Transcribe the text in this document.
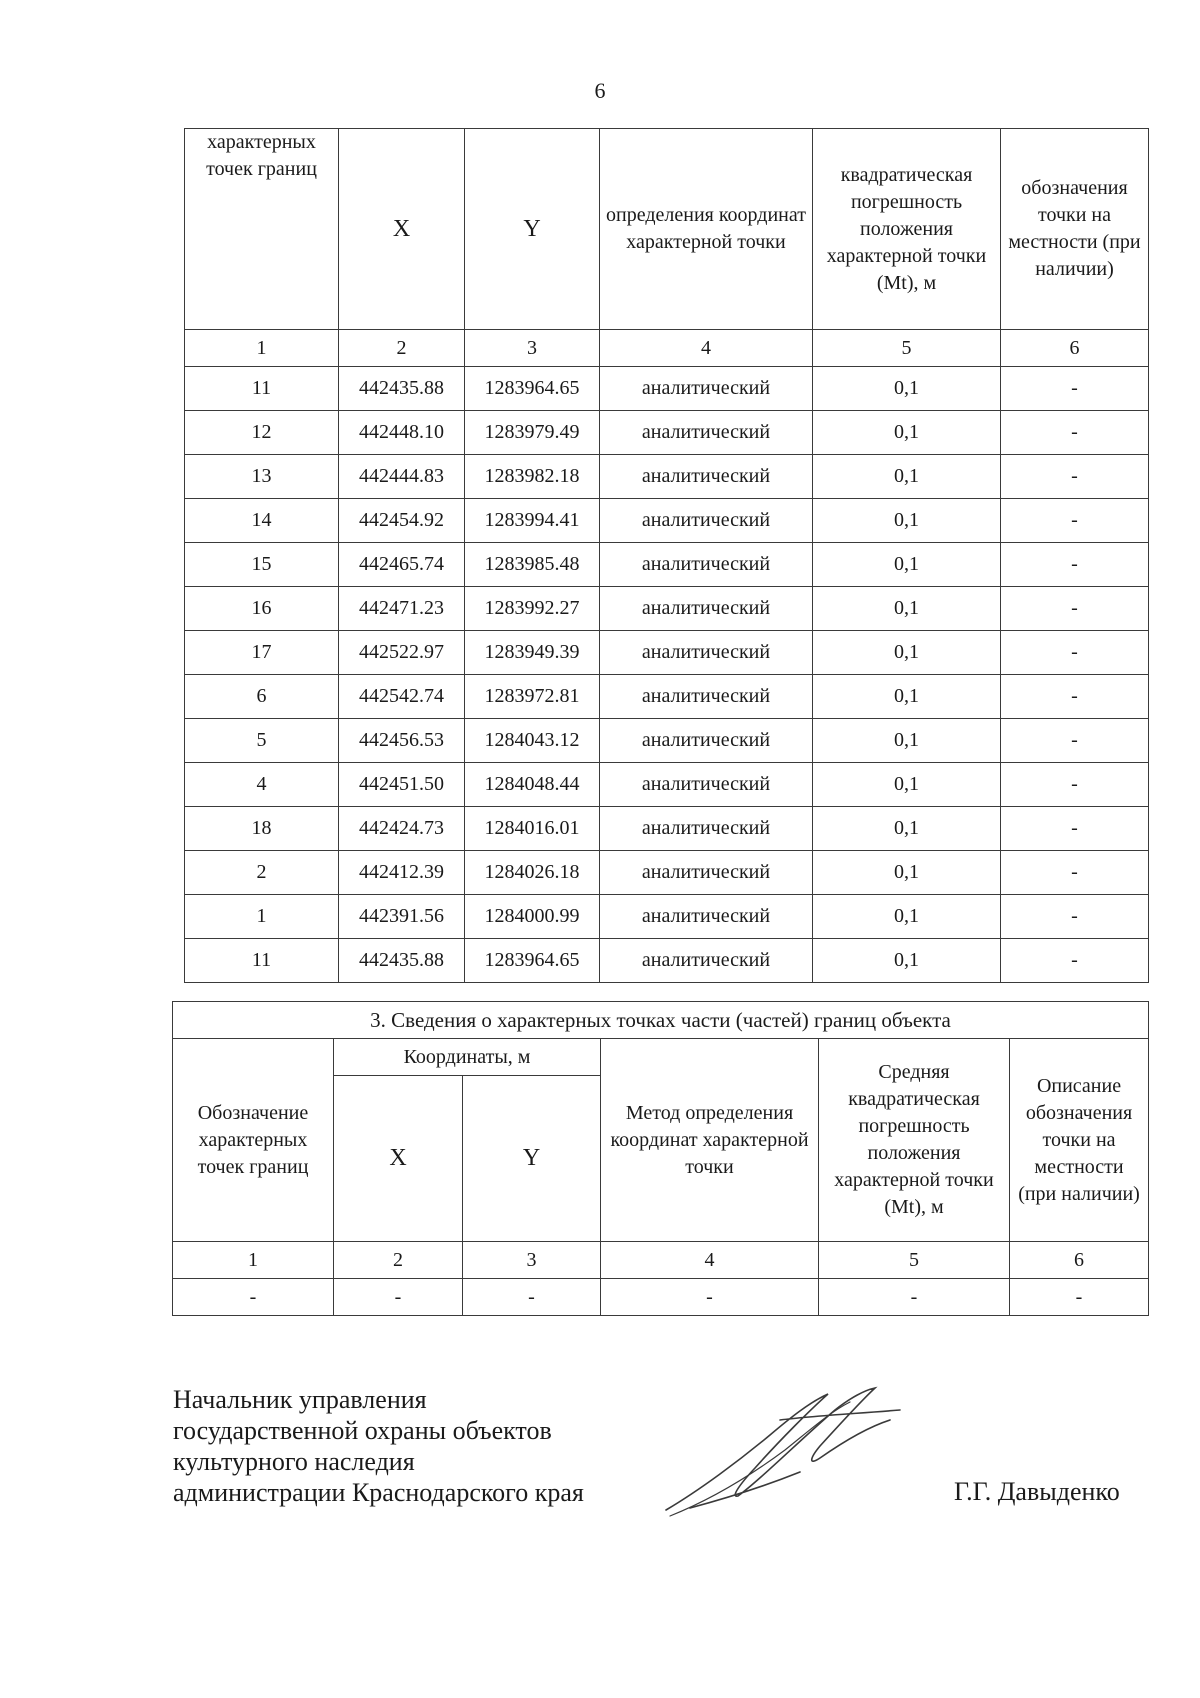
6
характерных точек границ	X	Y	определения координат характерной точки	квадратическая погрешность положения характерной точки (Mt), м	обозначения точки на местности (при наличии)
1	2	3	4	5	6
11	442435.88	1283964.65	аналитический	0,1	-
12	442448.10	1283979.49	аналитический	0,1	-
13	442444.83	1283982.18	аналитический	0,1	-
14	442454.92	1283994.41	аналитический	0,1	-
15	442465.74	1283985.48	аналитический	0,1	-
16	442471.23	1283992.27	аналитический	0,1	-
17	442522.97	1283949.39	аналитический	0,1	-
6	442542.74	1283972.81	аналитический	0,1	-
5	442456.53	1284043.12	аналитический	0,1	-
4	442451.50	1284048.44	аналитический	0,1	-
18	442424.73	1284016.01	аналитический	0,1	-
2	442412.39	1284026.18	аналитический	0,1	-
1	442391.56	1284000.99	аналитический	0,1	-
11	442435.88	1283964.65	аналитический	0,1	-
3. Сведения о характерных точках части (частей) границ объекта					
Обозначение характерных точек границ	Координаты, м		Метод определения координат характерной точки	Средняя квадратическая погрешность положения характерной точки (Mt), м	Описание обозначения точки на местности (при наличии)
	X	Y			
1	2	3	4	5	6
-	-	-	-	-	-
Начальник управления
государственной охраны объектов
культурного наследия
администрации Краснодарского края	Г.Г. Давыденко
